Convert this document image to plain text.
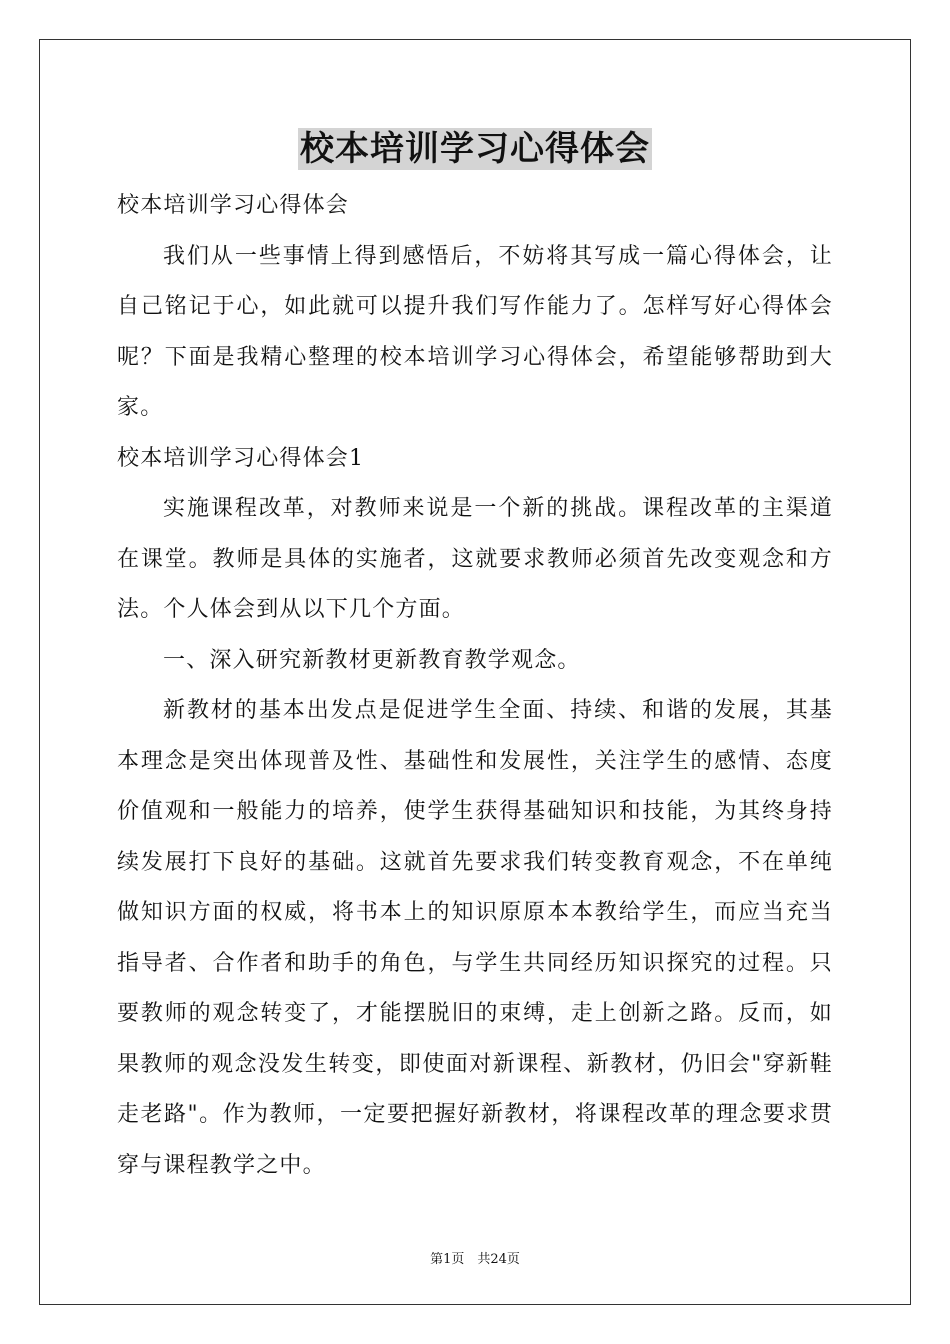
校本培训学习心得体会

校本培训学习心得体会

我们从一些事情上得到感悟后，不妨将其写成一篇心得体会，让自己铭记于心，如此就可以提升我们写作能力了。怎样写好心得体会呢？下面是我精心整理的校本培训学习心得体会，希望能够帮助到大家。

校本培训学习心得体会1

实施课程改革，对教师来说是一个新的挑战。课程改革的主渠道在课堂。教师是具体的实施者，这就要求教师必须首先改变观念和方法。个人体会到从以下几个方面。

一、深入研究新教材更新教育教学观念。

新教材的基本出发点是促进学生全面、持续、和谐的发展，其基本理念是突出体现普及性、基础性和发展性，关注学生的感情、态度价值观和一般能力的培养，使学生获得基础知识和技能，为其终身持续发展打下良好的基础。这就首先要求我们转变教育观念，不在单纯做知识方面的权威，将书本上的知识原原本本教给学生，而应当充当指导者、合作者和助手的角色，与学生共同经历知识探究的过程。只要教师的观念转变了，才能摆脱旧的束缚，走上创新之路。反而，如果教师的观念没发生转变，即使面对新课程、新教材，仍旧会"穿新鞋走老路"。作为教师，一定要把握好新教材，将课程改革的理念要求贯穿与课程教学之中。

第1页　共24页
